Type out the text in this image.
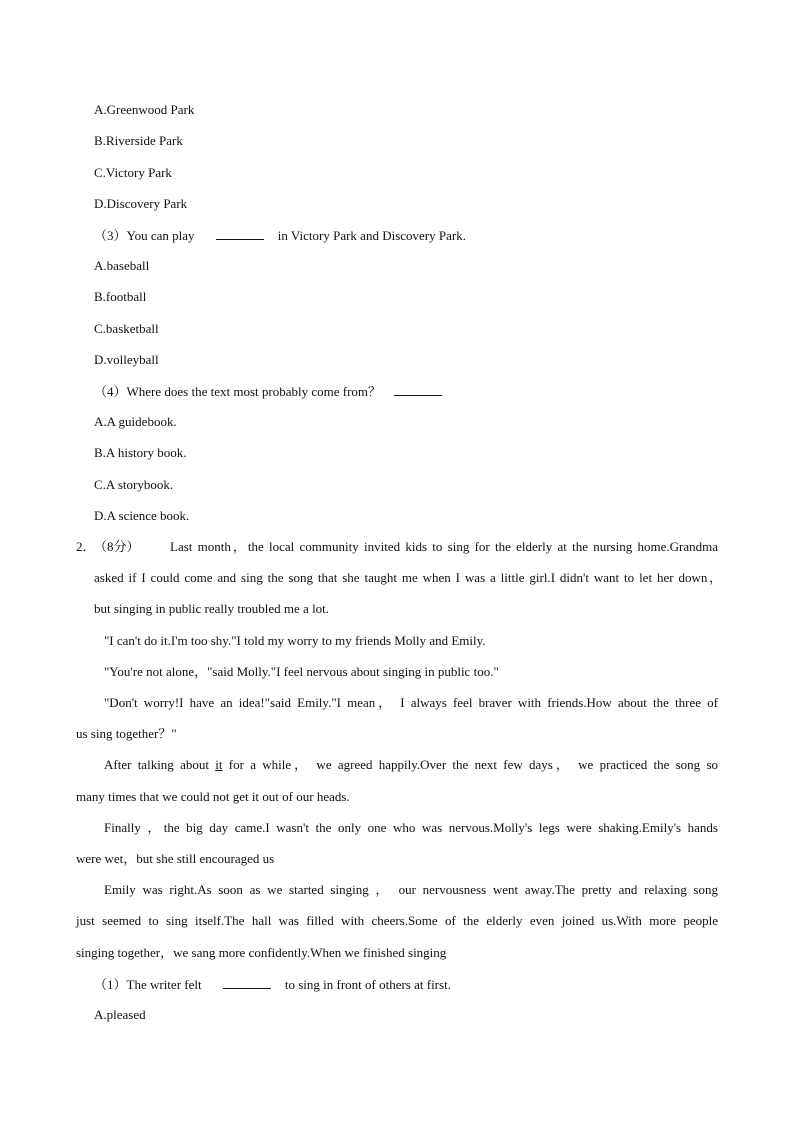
A.Greenwood Park
B.Riverside Park
C.Victory Park
D.Discovery Park
（3）You can play	in Victory Park and Discovery Park.
A.baseball
B.football
C.basketball
D.volleyball
（4）Where does the text most probably come from？
A.A guidebook.
B.A history book.
C.A storybook.
D.A science book.
2．
（8分） Last month，the local community invited kids to sing for the elderly at the nursing home.Grandma
asked if I could come and sing the song that she taught me when I was a little girl.I didn't want to let her down，
but singing in public really troubled me a lot.
"I can't do it.I'm too shy."I told my worry to my friends Molly and Emily.
"You're not alone，"said Molly."I feel nervous about singing in public too."
"Don't worry!I have an idea!"said Emily."I mean， I always feel braver with friends.How about the three of
us sing together？"
After talking about it for a while， we agreed happily.Over the next few days， we practiced the song so
many times that we could not get it out of our heads.
Finally ，the big day came.I wasn't the only one who was nervous.Molly's legs were shaking.Emily's hands
were wet，but she still encouraged us
Emily was right.As soon as we started singing ， our nervousness went away.The pretty and relaxing song
just seemed to sing itself.The hall was filled with cheers.Some of the elderly even joined us.With more people
singing together，we sang more confidently.When we finished singing
（1）The writer felt	to sing in front of others at first.
A.pleased
